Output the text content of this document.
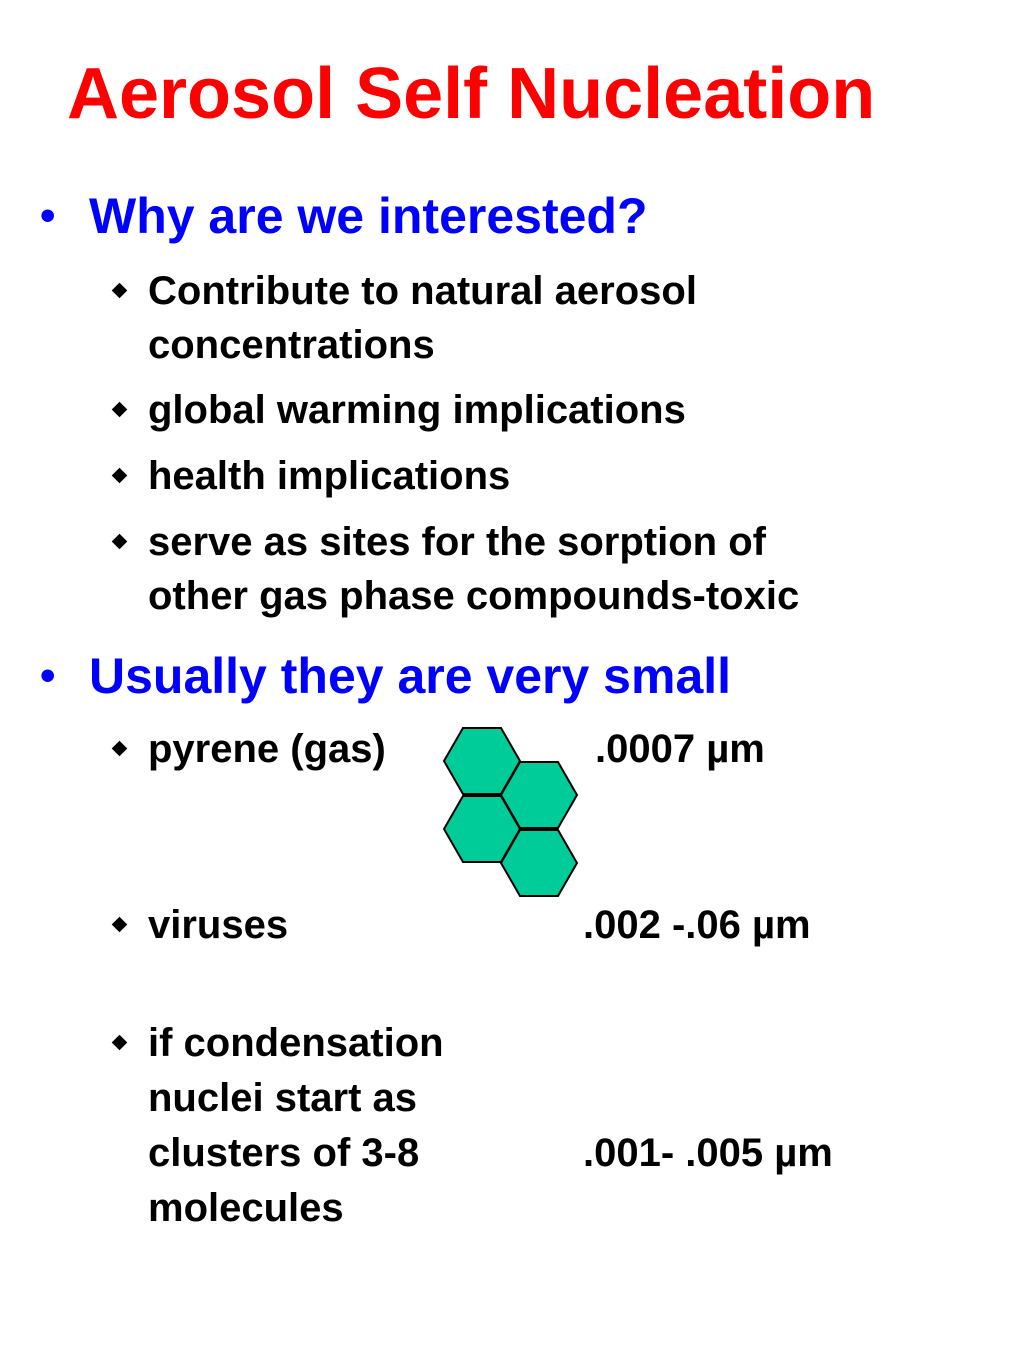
Aerosol Self Nucleation
• Why are we interested?
Contribute to natural aerosol
concentrations
global warming implications
health implications
serve as sites for the sorption of
other gas phase compounds-toxic
• Usually they are very small
pyrene (gas)	.0007 µm
viruses	.002 -.06 µm
if condensation
nuclei start as
clusters of 3-8
molecules
.001- .005 µm
